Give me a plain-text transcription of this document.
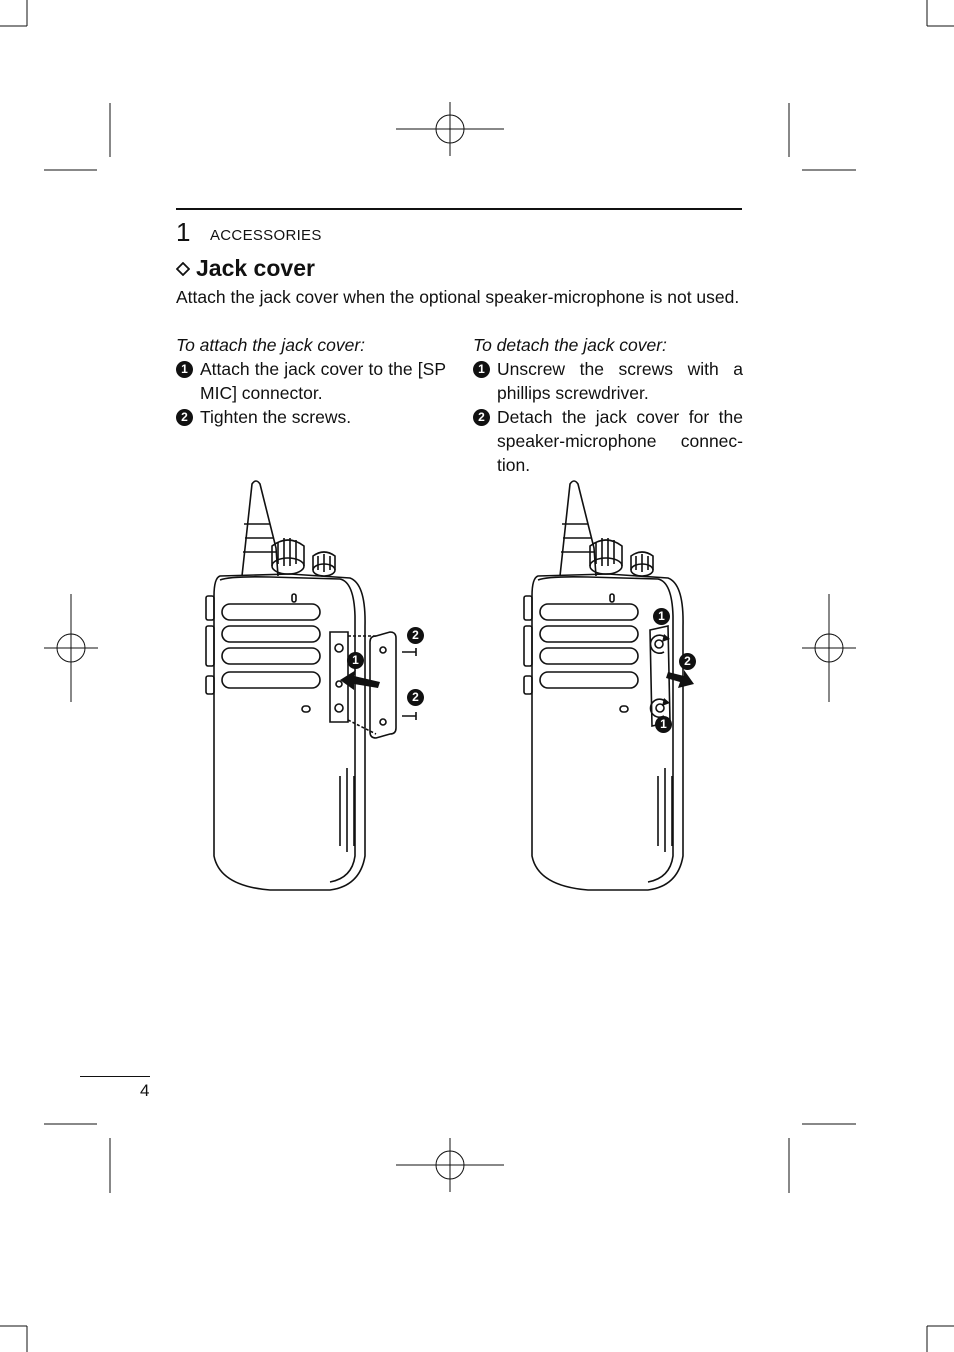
1 ACCESSORIES
Jack cover
Attach the jack cover when the optional speaker-microphone is not used.
To attach the jack cover:
1 Attach the jack cover to the [SP MIC] connector.
2 Tighten the screws.
To detach the jack cover:
1 Unscrew the screws with a phillips screwdriver.
2 Detach the jack cover for the speaker-microphone connec-tion.
2
1
2
1
2
1
4
